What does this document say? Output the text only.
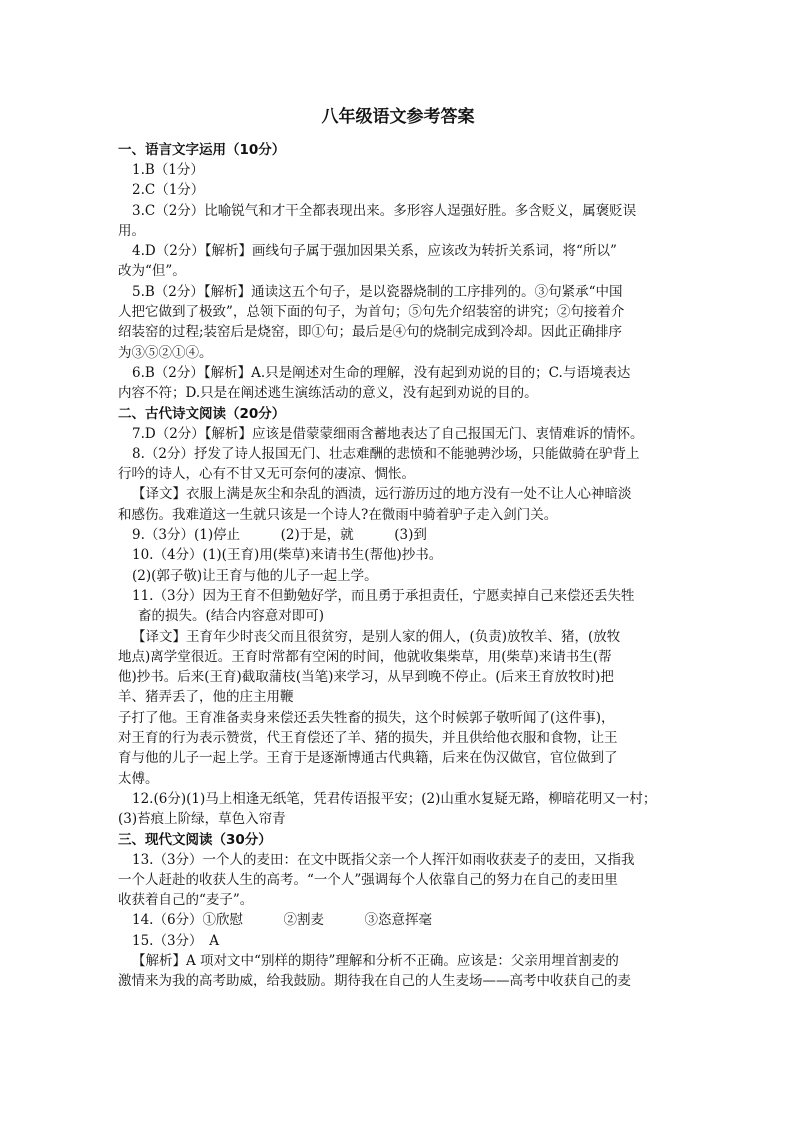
八年级语文参考答案

一、语言文字运用（10分）

1.B（1分）

2.C（1分）

3.C（2分）比喻锐气和才干全都表现出来。多形容人逞强好胜。多含贬义，属褒贬误

用。

4.D（2分）【解析】画线句子属于强加因果关系，应该改为转折关系词，将“所以”

改为“但”。

5.B（2分）【解析】通读这五个句子，是以瓷器烧制的工序排列的。③句紧承“中国

人把它做到了极致”，总领下面的句子，为首句；⑤句先介绍装窑的讲究；②句接着介

绍装窑的过程;装窑后是烧窑，即①句；最后是④句的烧制完成到冷却。因此正确排序

为③⑤②①④。

6.B（2分）【解析】A.只是阐述对生命的理解，没有起到劝说的目的；C.与语境表达

内容不符；D.只是在阐述逃生演练活动的意义，没有起到劝说的目的。

二、古代诗文阅读（20分）

7.D（2分）【解析】应该是借蒙蒙细雨含蓄地表达了自己报国无门、衷情难诉的情怀。

8.（2分）抒发了诗人报国无门、壮志难酬的悲愤和不能驰骋沙场，只能做骑在驴背上

行吟的诗人，心有不甘又无可奈何的凄凉、惆怅。

【译文】衣服上满是灰尘和杂乱的酒渍，远行游历过的地方没有一处不让人心神暗淡

和感伤。我难道这一生就只该是一个诗人?在微雨中骑着驴子走入剑门关。

9.（3分）(1)停止　　　(2)于是，就　　　(3)到

10.（4分）(1)(王育)用(柴草)来请书生(帮他)抄书。

(2)(郭子敬)让王育与他的儿子一起上学。

11.（3分）因为王育不但勤勉好学，而且勇于承担责任，宁愿卖掉自己来偿还丢失牲

畜的损失。(结合内容意对即可)

【译文】王育年少时丧父而且很贫穷，是别人家的佣人，(负责)放牧羊、猪，(放牧

地点)离学堂很近。王育时常都有空闲的时间，他就收集柴草，用(柴草)来请书生(帮

他)抄书。后来(王育)截取蒲枝(当笔)来学习，从早到晚不停止。(后来王育放牧时)把

羊、猪弄丢了，他的庄主用鞭

子打了他。王育准备卖身来偿还丢失牲畜的损失，这个时候郭子敬听闻了(这件事)，

对王育的行为表示赞赏，代王育偿还了羊、猪的损失，并且供给他衣服和食物，让王

育与他的儿子一起上学。王育于是逐渐博通古代典籍，后来在伪汉做官，官位做到了

太傅。

12.(6分)(1)马上相逢无纸笔，凭君传语报平安；(2)山重水复疑无路，柳暗花明又一村；

(3)苔痕上阶绿，草色入帘青

三、现代文阅读（30分）

13.（3分）一个人的麦田：在文中既指父亲一个人挥汗如雨收获麦子的麦田，又指我

一个人赶赴的收获人生的高考。“一个人”强调每个人依靠自己的努力在自己的麦田里

收获着自己的“麦子”。

14.（6分）①欣慰　　　②割麦　　　③恣意挥毫

15.（3分）　A

【解析】A 项对文中“别样的期待”理解和分析不正确。应该是：父亲用埋首割麦的

激情来为我的高考助威，给我鼓励。期待我在自己的人生麦场——高考中收获自己的麦
